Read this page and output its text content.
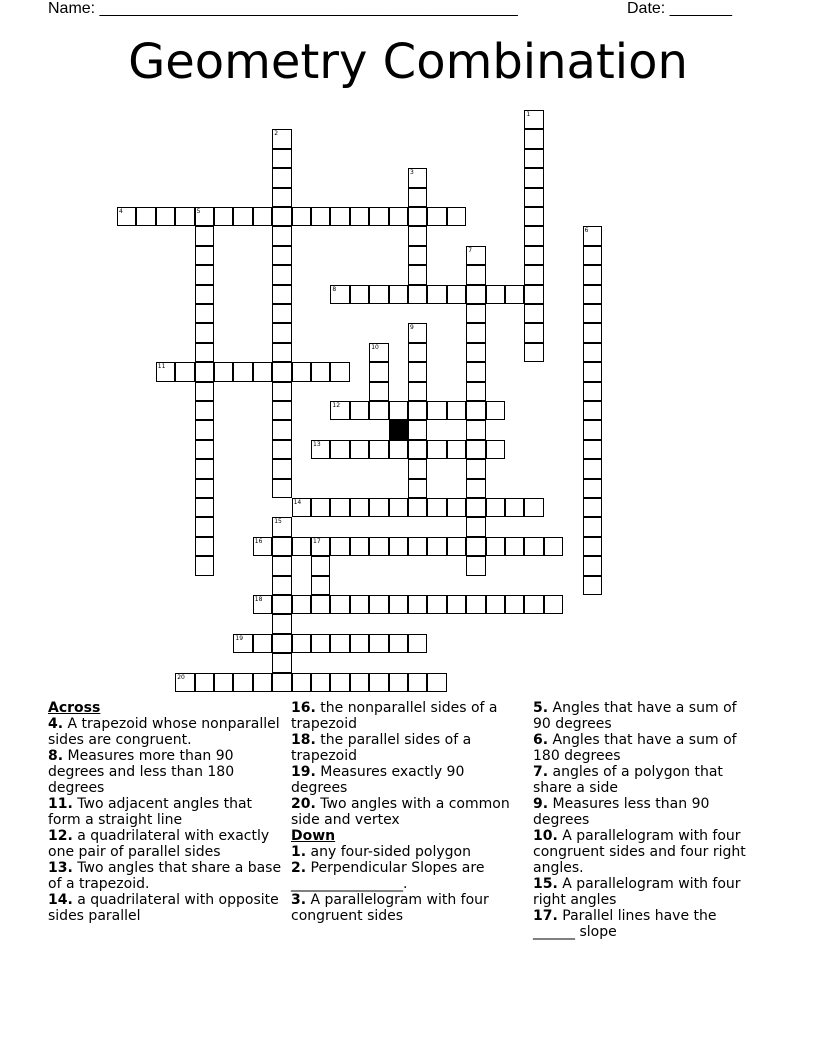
Name: _______________________________________________	Date: _______
Geometry Combination
1
2
3
4	5
6
7
8
9
10
11
12
13
14
15
16	17
18
19
20
Across
4. A trapezoid whose nonparallel sides are congruent.
8. Measures more than 90 degrees and less than 180 degrees
11. Two adjacent angles that form a straight line
12. a quadrilateral with exactly one pair of parallel sides
13. Two angles that share a base of a trapezoid.
14. a quadrilateral with opposite sides parallel
16. the nonparallel sides of a trapezoid
18. the parallel sides of a trapezoid
19. Measures exactly 90 degrees
20. Two angles with a common side and vertex
Down
1. any four-sided polygon
2. Perpendicular Slopes are ________________.
3. A parallelogram with four congruent sides
5. Angles that have a sum of 90 degrees
6. Angles that have a sum of 180 degrees
7. angles of a polygon that share a side
9. Measures less than 90 degrees
10. A parallelogram with four congruent sides and four right angles.
15. A parallelogram with four right angles
17. Parallel lines have the ______ slope
